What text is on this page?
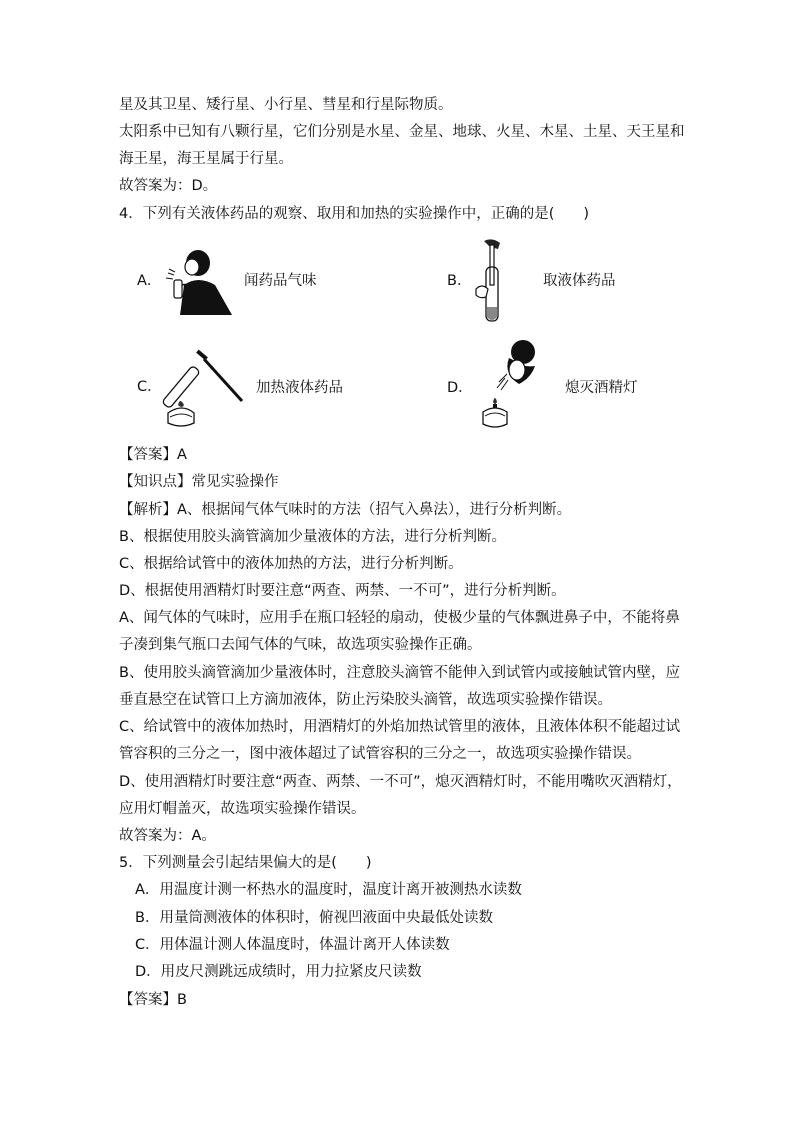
星及其卫星、矮行星、小行星、彗星和行星际物质。
太阳系中已知有八颗行星，它们分别是水星、金星、地球、火星、木星、土星、天王星和
海王星，海王星属于行星。
故答案为：D。
4．下列有关液体药品的观察、取用和加热的实验操作中，正确的是(　　)
A．	闻药品气味	B．	取液体药品
C．	加热液体药品	D．	熄灭酒精灯
【答案】A
【知识点】常见实验操作
【解析】A、根据闻气体气味时的方法（招气入鼻法），进行分析判断。
B、根据使用胶头滴管滴加少量液体的方法，进行分析判断。
C、根据给试管中的液体加热的方法，进行分析判断。
D、根据使用酒精灯时要注意“两查、两禁、一不可”，进行分析判断。
A、闻气体的气味时，应用手在瓶口轻轻的扇动，使极少量的气体飘进鼻子中，不能将鼻
子凑到集气瓶口去闻气体的气味，故选项实验操作正确。
B、使用胶头滴管滴加少量液体时，注意胶头滴管不能伸入到试管内或接触试管内壁，应
垂直悬空在试管口上方滴加液体，防止污染胶头滴管，故选项实验操作错误。
C、给试管中的液体加热时，用酒精灯的外焰加热试管里的液体，且液体体积不能超过试
管容积的三分之一，图中液体超过了试管容积的三分之一，故选项实验操作错误。
D、使用酒精灯时要注意“两查、两禁、一不可”，熄灭酒精灯时，不能用嘴吹灭酒精灯，
应用灯帽盖灭，故选项实验操作错误。
故答案为：A。
5．下列测量会引起结果偏大的是(　　)
A．用温度计测一杯热水的温度时，温度计离开被测热水读数
B．用量筒测液体的体积时，俯视凹液面中央最低处读数
C．用体温计测人体温度时，体温计离开人体读数
D．用皮尺测跳远成绩时，用力拉紧皮尺读数
【答案】B
